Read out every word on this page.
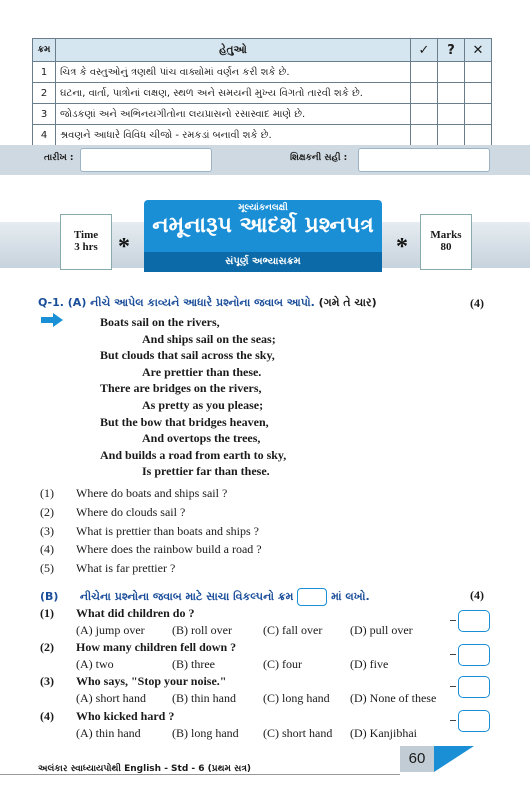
ક્રમ	હેતુઓ	✓	?	✕
1	ચિત્ર કે વસ્તુઓનું ત્રણથી પાંચ વાક્યોમાં વર્ણન કરી શકે છે.			
2	ઘટના, વાર્તા, પાત્રોનાં લક્ષણ, સ્થળ અને સમયની મુખ્ય વિગતો તારવી શકે છે.			
3	જોડકણાં અને અભિનયગીતોના લયપ્રાસનો રસાસ્વાદ માણે છે.			
4	શ્રવણને આધારે વિવિધ ચીજો - રમકડાં બનાવી શકે છે.			
તારીખ :	શિક્ષકની સહી :
Time
3 hrs *
મૂલ્યાંકનલક્ષી
નમૂનારૂપ આદર્શ પ્રશ્નપત્ર
સંપૂર્ણ અભ્યાસક્રમ
*	Marks
80
Q-1. (A) નીચે આપેલ કાવ્યને આધારે પ્રશ્નોના જવાબ આપો. (ગમે તે ચાર)	(4)
Boats sail on the rivers,
And ships sail on the seas;
But clouds that sail across the sky,
Are prettier than these.
There are bridges on the rivers,
As pretty as you please;
But the bow that bridges heaven,
And overtops the trees,
And builds a road from earth to sky,
Is prettier far than these.
(1) Where do boats and ships sail ?
(2) Where do clouds sail ?
(3) What is prettier than boats and ships ?
(4) Where does the rainbow build a road ?
(5) What is far prettier ?
(B) નીચેના પ્રશ્નોના જવાબ માટે સાચા વિકલ્પનો ક્રમ	માં લખો.	(4)
(1) What did children do ?
(A) jump over (B) roll over	(C) fall over (D) pull over
(2) How many children fell down ?
(A) two	(B) three	(C) four	(D) five
(3) Who says, "Stop your noise."
(A) short hand (B) thin hand (C) long hand (D) None of these
(4) Who kicked hard ?
(A) thin hand	(B) long hand (C) short hand (D) Kanjibhai
અલંકાર સ્વાધ્યાયપોથી English - Std - 6 (પ્રથમ સત્ર)
60
